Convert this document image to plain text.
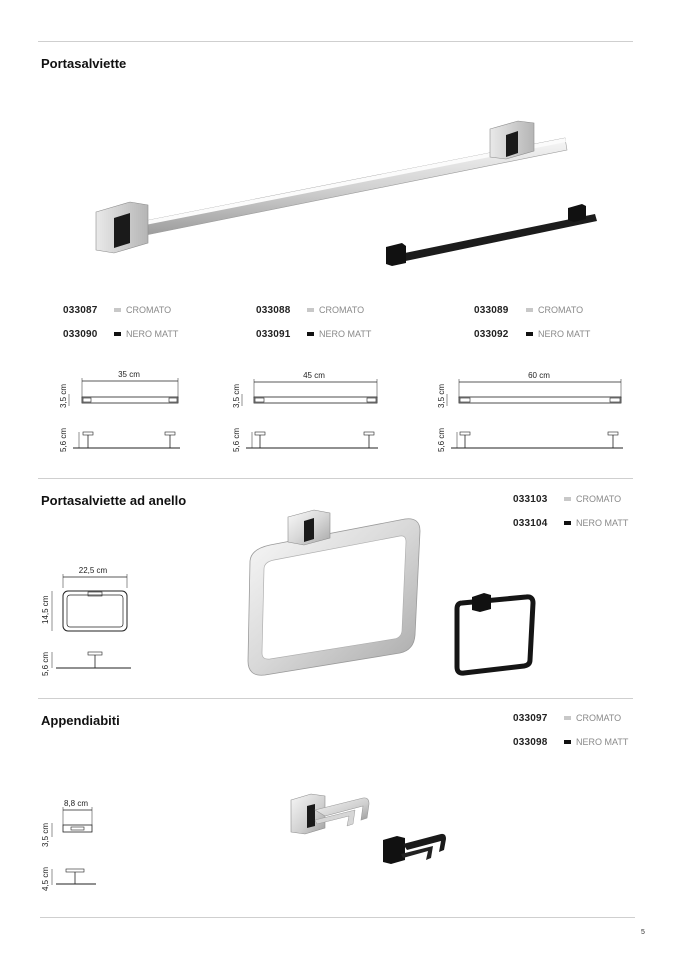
Portasalviette
033087	CROMATO
033090	NERO MATT
033088	CROMATO
033091	NERO MATT
033089	CROMATO
033092	NERO MATT
35 cm
3,5 cm
5,6 cm
45 cm
3,5 cm
5,6 cm
60 cm
3,5 cm
5,6 cm
Portasalviette ad anello	033103	CROMATO
033104	NERO MATT
22,5 cm
14,5 cm
5,6 cm
Appendiabiti	033097	CROMATO
033098	NERO MATT
8,8 cm
3,5 cm
4,5 cm
5
